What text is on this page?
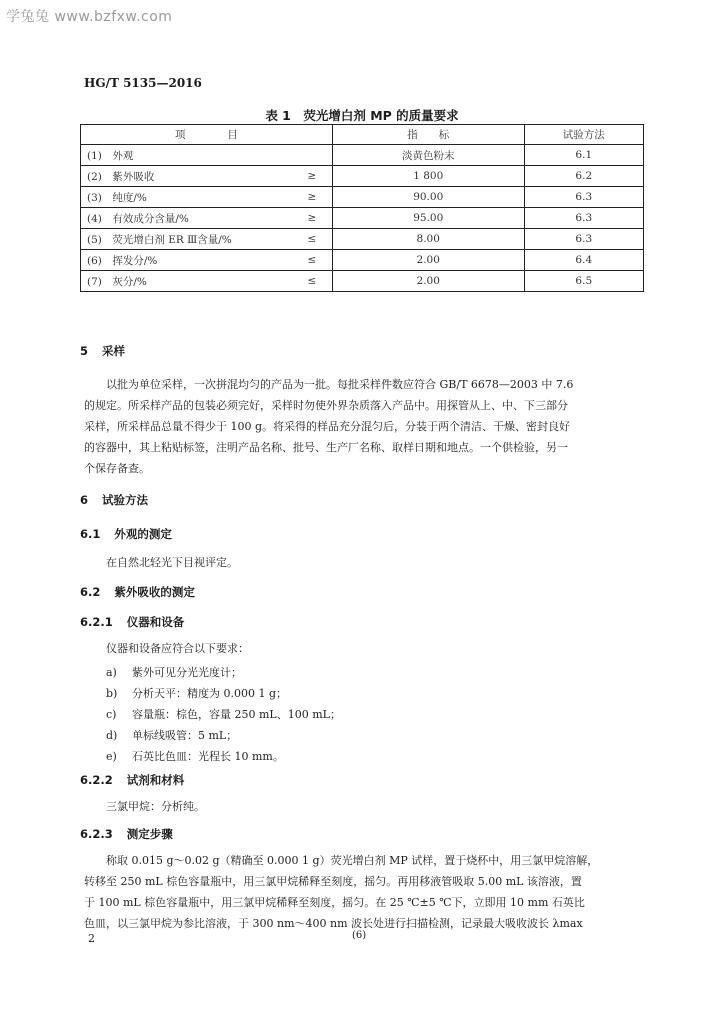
学兔兔 www.bzfxw.com
HG/T 5135—2016
表 1　荧光增白剂 MP 的质量要求
项　　　　目	指　　标	试验方法

(1)　外观	淡黄色粉末	6.1

(2)　紫外吸收 ≥	1 800	6.2

(3)　纯度/% ≥	90.00	6.3

(4)　有效成分含量/% ≥	95.00	6.3

(5)　荧光增白剂 ER Ⅲ含量/% ≤	8.00	6.3

(6)　挥发分/% ≤	2.00	6.4

(7)　灰分/% ≤	2.00	6.5
5 采样

以批为单位采样，一次拼混均匀的产品为一批。每批采样件数应符合 GB/T 6678—2003 中 7.6

的规定。所采样产品的包装必须完好，采样时勿使外界杂质落入产品中。用探管从上、中、下三部分

采样，所采样品总量不得少于 100 g。将采得的样品充分混匀后，分装于两个清洁、干燥、密封良好

的容器中，其上粘贴标签，注明产品名称、批号、生产厂名称、取样日期和地点。一个供检验，另一

个保存备查。

6 试验方法
6.1 外观的测定

在自然北轻光下目视评定。

6.2 紫外吸收的测定
6.2.1 仪器和设备

仪器和设备应符合以下要求：

a) 紫外可见分光光度计；
b) 分析天平：精度为 0.000 1 g；
c) 容量瓶：棕色，容量 250 mL、100 mL；
d) 单标线吸管：5 mL；
e) 石英比色皿：光程长 10 mm。
6.2.2 试剂和材料

三氯甲烷：分析纯。

6.2.3 测定步骤

称取 0.015 g～0.02 g（精确至 0.000 1 g）荧光增白剂 MP 试样，置于烧杯中，用三氯甲烷溶解，

转移至 250 mL 棕色容量瓶中，用三氯甲烷稀释至刻度，摇匀。再用移液管吸取 5.00 mL 该溶液，置

于 100 mL 棕色容量瓶中，用三氯甲烷稀释至刻度，摇匀。在 25 ℃±5 ℃下，立即用 10 mm 石英比

色皿，以三氯甲烷为参比溶液，于 300 nm～400 nm 波长处进行扫描检测，记录最大吸收波长 λmax

2	(6)
